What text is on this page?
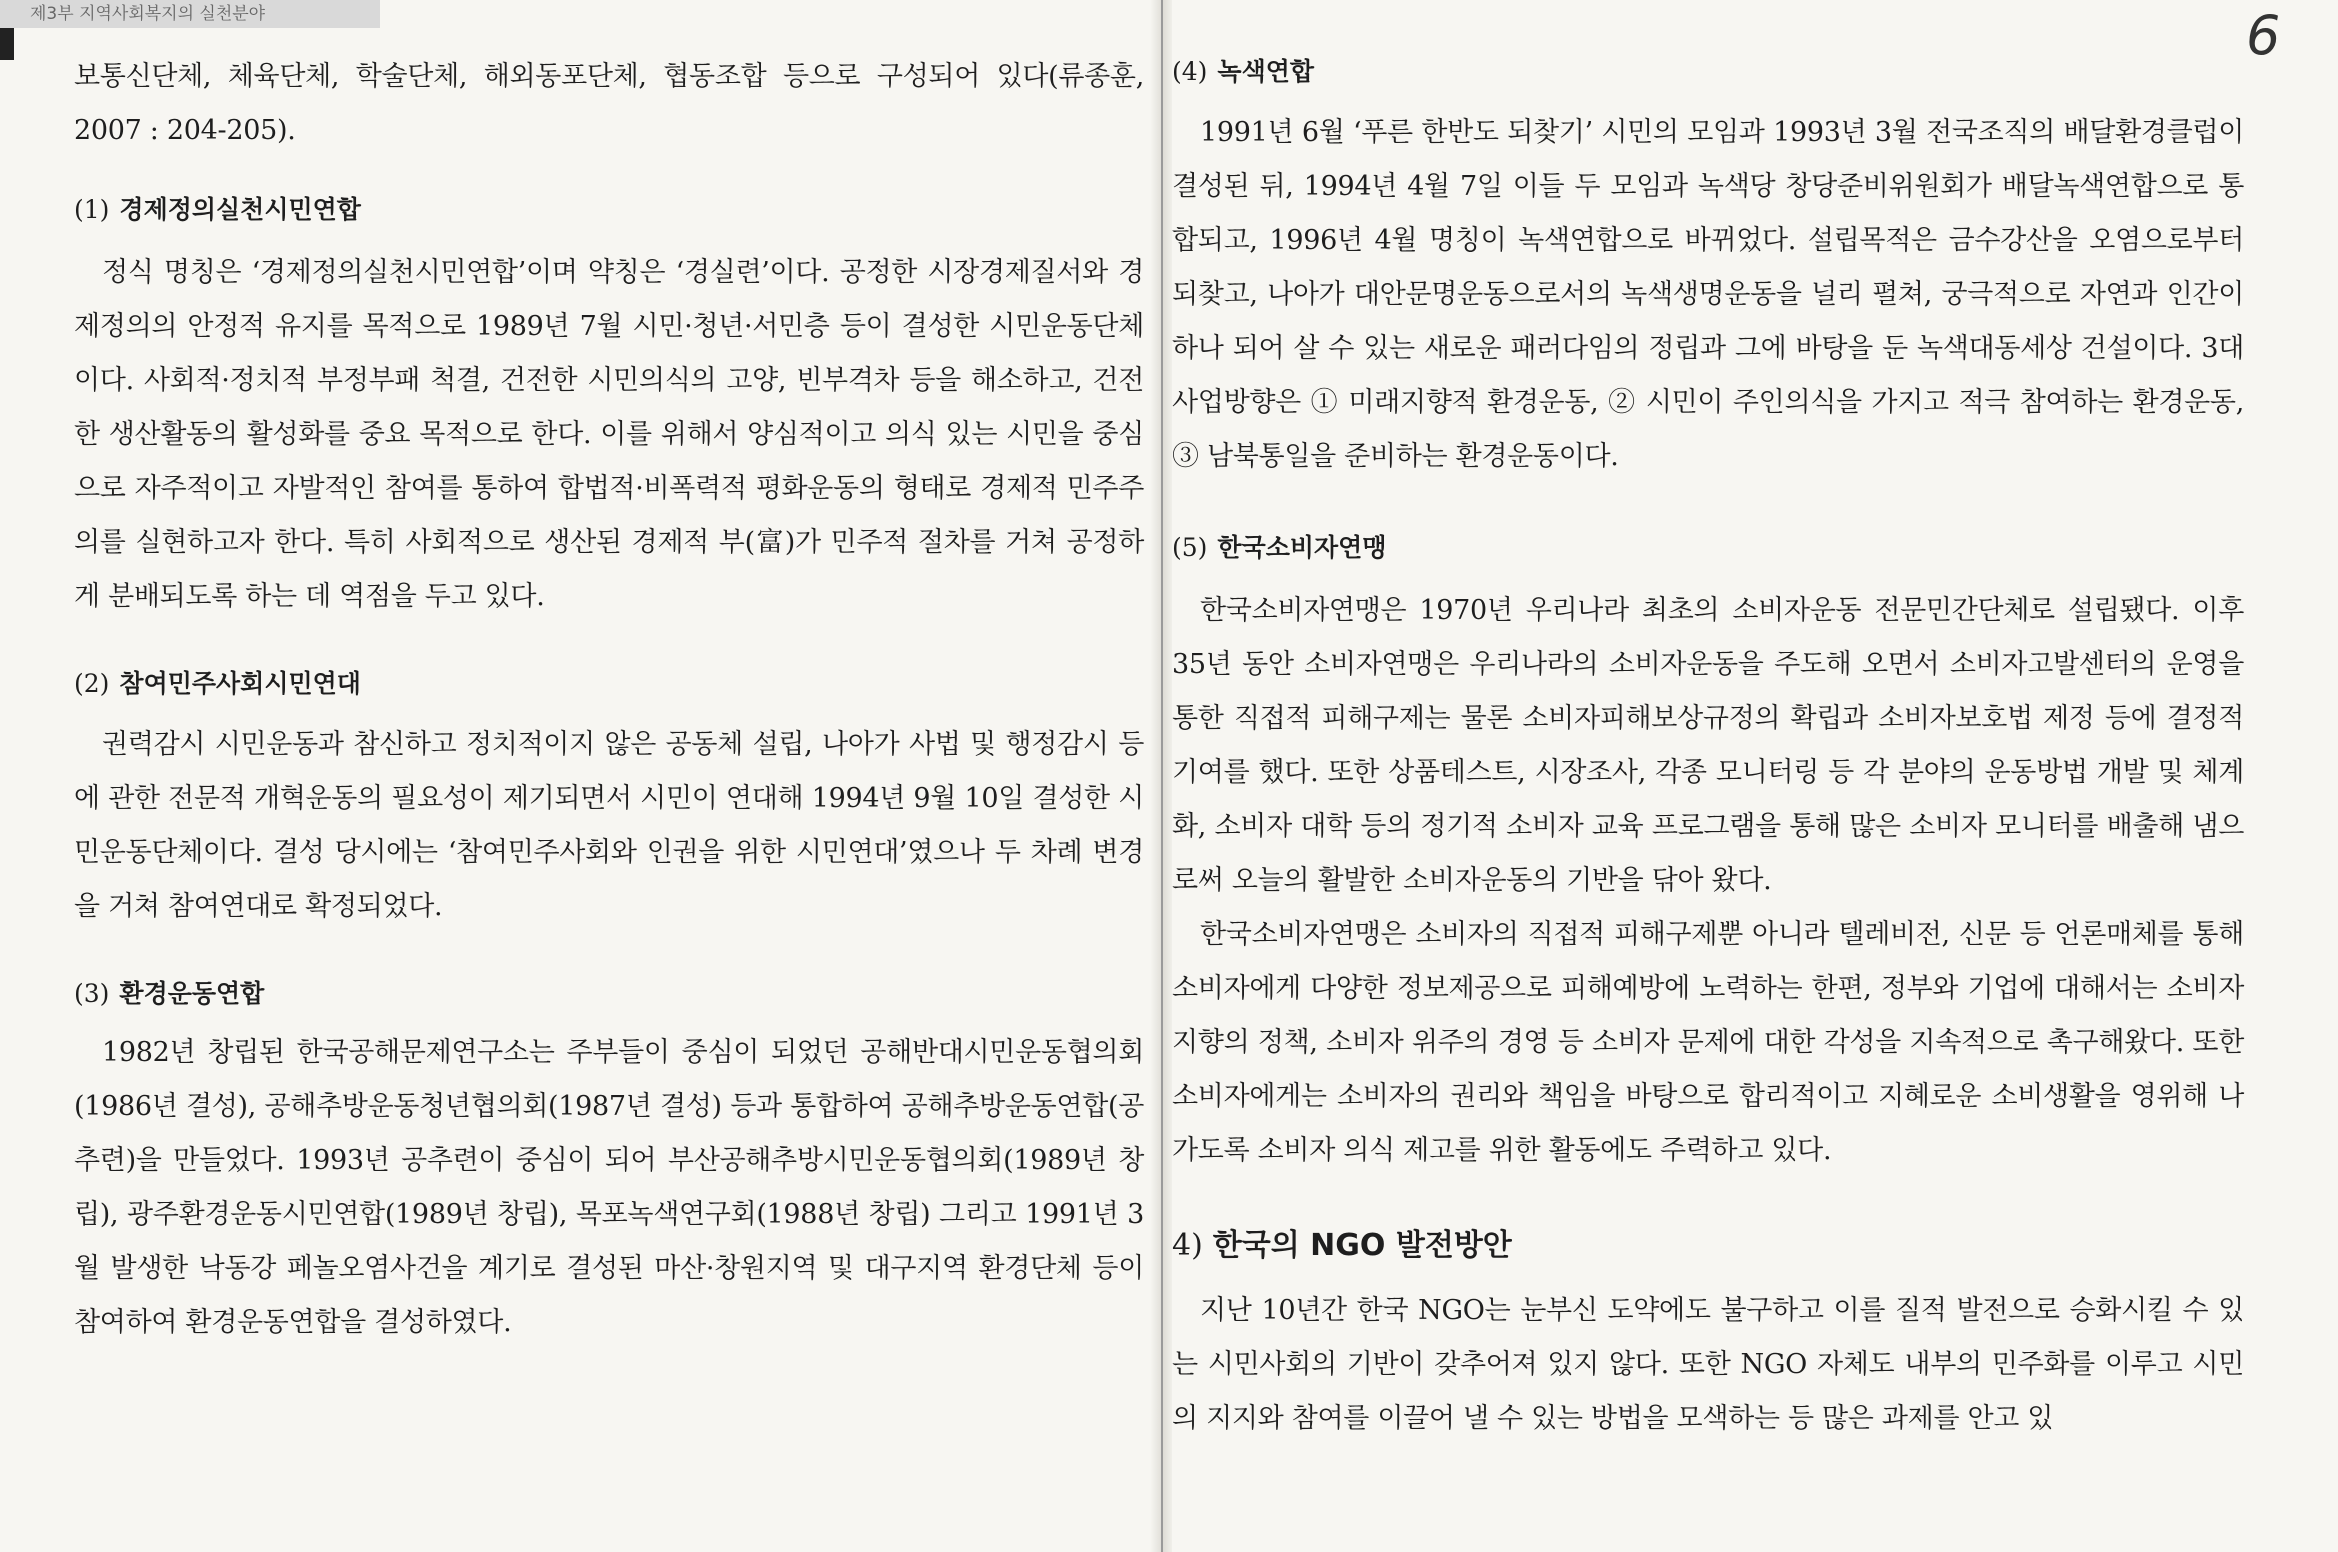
제3부 지역사회복지의 실천분야	6

보통신단체, 체육단체, 학술단체, 해외동포단체, 협동조합 등으로 구성되어 있다(류종훈, 2007 : 204-205).

(1) 경제정의실천시민연합

정식 명칭은 ‘경제정의실천시민연합’이며 약칭은 ‘경실련’이다. 공정한 시장경제질서와 경제정의의 안정적 유지를 목적으로 1989년 7월 시민·청년·서민층 등이 결성한 시민운동단체이다. 사회적·정치적 부정부패 척결, 건전한 시민의식의 고양, 빈부격차 등을 해소하고, 건전한 생산활동의 활성화를 중요 목적으로 한다. 이를 위해서 양심적이고 의식 있는 시민을 중심으로 자주적이고 자발적인 참여를 통하여 합법적·비폭력적 평화운동의 형태로 경제적 민주주의를 실현하고자 한다. 특히 사회적으로 생산된 경제적 부(富)가 민주적 절차를 거쳐 공정하게 분배되도록 하는 데 역점을 두고 있다.

(2) 참여민주사회시민연대

권력감시 시민운동과 참신하고 정치적이지 않은 공동체 설립, 나아가 사법 및 행정감시 등에 관한 전문적 개혁운동의 필요성이 제기되면서 시민이 연대해 1994년 9월 10일 결성한 시민운동단체이다. 결성 당시에는 ‘참여민주사회와 인권을 위한 시민연대’였으나 두 차례 변경을 거쳐 참여연대로 확정되었다.

(3) 환경운동연합

1982년 창립된 한국공해문제연구소는 주부들이 중심이 되었던 공해반대시민운동협의회(1986년 결성), 공해추방운동청년협의회(1987년 결성) 등과 통합하여 공해추방운동연합(공추련)을 만들었다. 1993년 공추련이 중심이 되어 부산공해추방시민운동협의회(1989년 창립), 광주환경운동시민연합(1989년 창립), 목포녹색연구회(1988년 창립) 그리고 1991년 3월 발생한 낙동강 페놀오염사건을 계기로 결성된 마산·창원지역 및 대구지역 환경단체 등이 참여하여 환경운동연합을 결성하였다.

(4) 녹색연합

1991년 6월 ‘푸른 한반도 되찾기’ 시민의 모임과 1993년 3월 전국조직의 배달환경클럽이 결성된 뒤, 1994년 4월 7일 이들 두 모임과 녹색당 창당준비위원회가 배달녹색연합으로 통합되고, 1996년 4월 명칭이 녹색연합으로 바뀌었다. 설립목적은 금수강산을 오염으로부터 되찾고, 나아가 대안문명운동으로서의 녹색생명운동을 널리 펼쳐, 궁극적으로 자연과 인간이 하나 되어 살 수 있는 새로운 패러다임의 정립과 그에 바탕을 둔 녹색대동세상 건설이다. 3대 사업방향은 ① 미래지향적 환경운동, ② 시민이 주인의식을 가지고 적극 참여하는 환경운동, ③ 남북통일을 준비하는 환경운동이다.

(5) 한국소비자연맹

한국소비자연맹은 1970년 우리나라 최초의 소비자운동 전문민간단체로 설립됐다. 이후 35년 동안 소비자연맹은 우리나라의 소비자운동을 주도해 오면서 소비자고발센터의 운영을 통한 직접적 피해구제는 물론 소비자피해보상규정의 확립과 소비자보호법 제정 등에 결정적 기여를 했다. 또한 상품테스트, 시장조사, 각종 모니터링 등 각 분야의 운동방법 개발 및 체계화, 소비자 대학 등의 정기적 소비자 교육 프로그램을 통해 많은 소비자 모니터를 배출해 냄으로써 오늘의 활발한 소비자운동의 기반을 닦아 왔다.

한국소비자연맹은 소비자의 직접적 피해구제뿐 아니라 텔레비전, 신문 등 언론매체를 통해 소비자에게 다양한 정보제공으로 피해예방에 노력하는 한편, 정부와 기업에 대해서는 소비자 지향의 정책, 소비자 위주의 경영 등 소비자 문제에 대한 각성을 지속적으로 촉구해왔다. 또한 소비자에게는 소비자의 권리와 책임을 바탕으로 합리적이고 지혜로운 소비생활을 영위해 나가도록 소비자 의식 제고를 위한 활동에도 주력하고 있다.

4) 한국의 NGO 발전방안

지난 10년간 한국 NGO는 눈부신 도약에도 불구하고 이를 질적 발전으로 승화시킬 수 있는 시민사회의 기반이 갖추어져 있지 않다. 또한 NGO 자체도 내부의 민주화를 이루고 시민의 지지와 참여를 이끌어 낼 수 있는 방법을 모색하는 등 많은 과제를 안고 있
